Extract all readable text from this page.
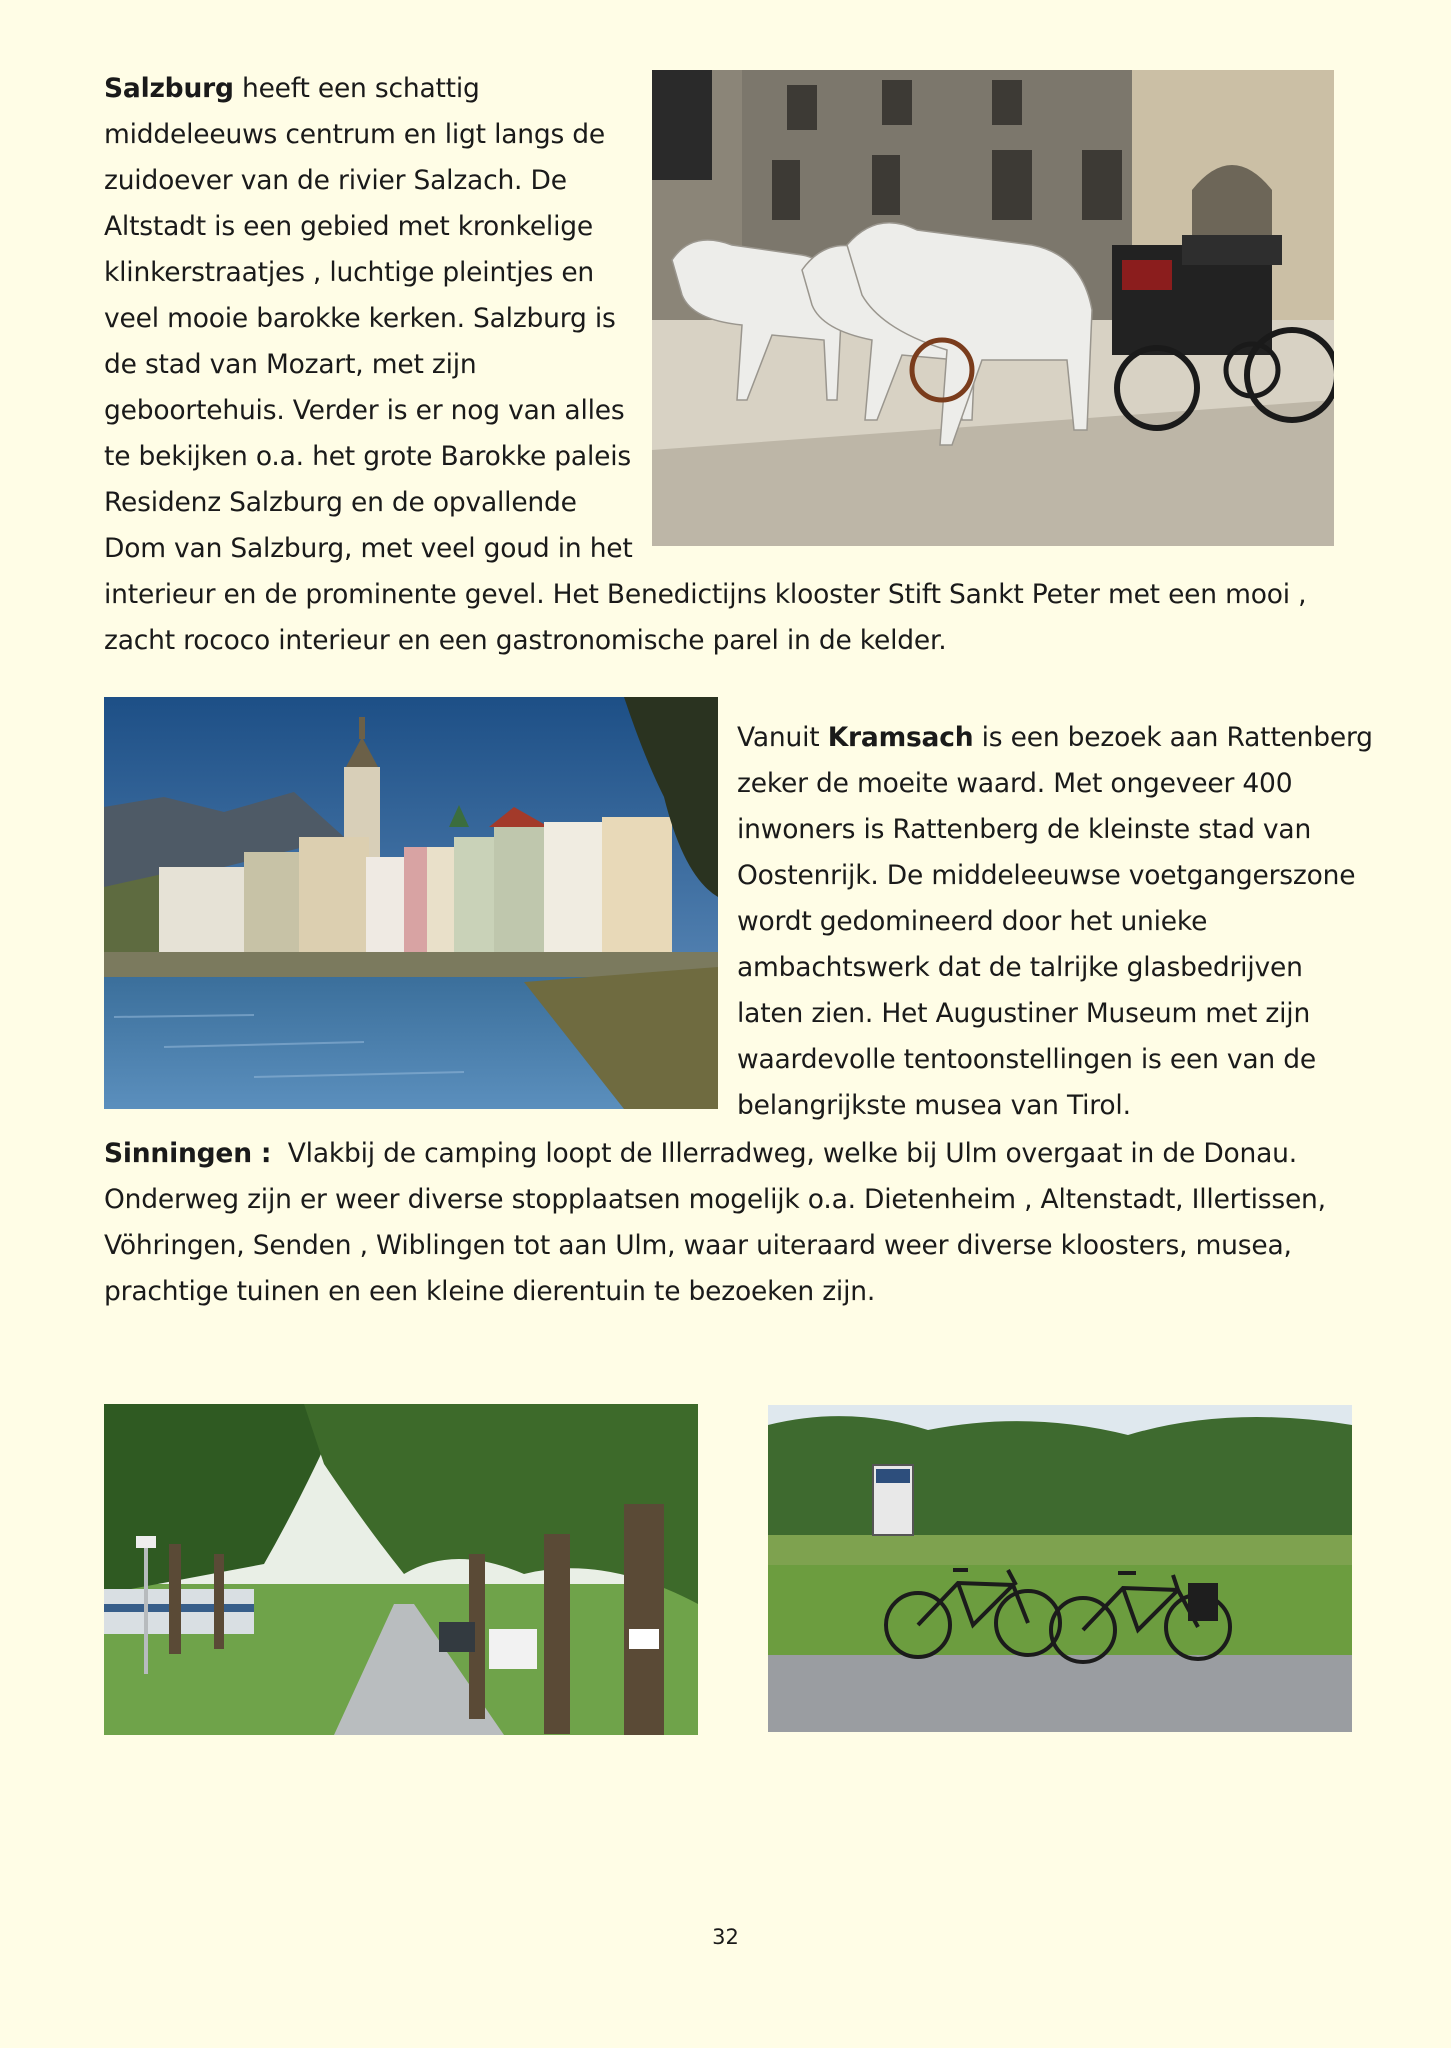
Salzburg heeft een schattig
middeleeuws centrum en ligt langs de
zuidoever van de rivier Salzach. De
Altstadt is een gebied met kronkelige
klinkerstraatjes , luchtige pleintjes en
veel mooie barokke kerken. Salzburg is
de stad van Mozart, met zijn
geboortehuis. Verder is er nog van alles
te bekijken o.a. het grote Barokke paleis
Residenz Salzburg en de opvallende
Dom van Salzburg, met veel goud in het
interieur en de prominente gevel. Het Benedictijns klooster Stift Sankt Peter met een mooi ,
zacht rococo interieur en een gastronomische parel in de kelder.
Vanuit Kramsach is een bezoek aan Rattenberg
zeker de moeite waard. Met ongeveer 400
inwoners is Rattenberg de kleinste stad van
Oostenrijk. De middeleeuwse voetgangerszone
wordt gedomineerd door het unieke
ambachtswerk dat de talrijke glasbedrijven
laten zien. Het Augustiner Museum met zijn
waardevolle tentoonstellingen is een van de
belangrijkste musea van Tirol.
Sinningen :  Vlakbij de camping loopt de Illerradweg, welke bij Ulm overgaat in de Donau.
Onderweg zijn er weer diverse stopplaatsen mogelijk o.a. Dietenheim , Altenstadt, Illertissen,
Vöhringen, Senden , Wiblingen tot aan Ulm, waar uiteraard weer diverse kloosters, musea,
prachtige tuinen en een kleine dierentuin te bezoeken zijn.
32
